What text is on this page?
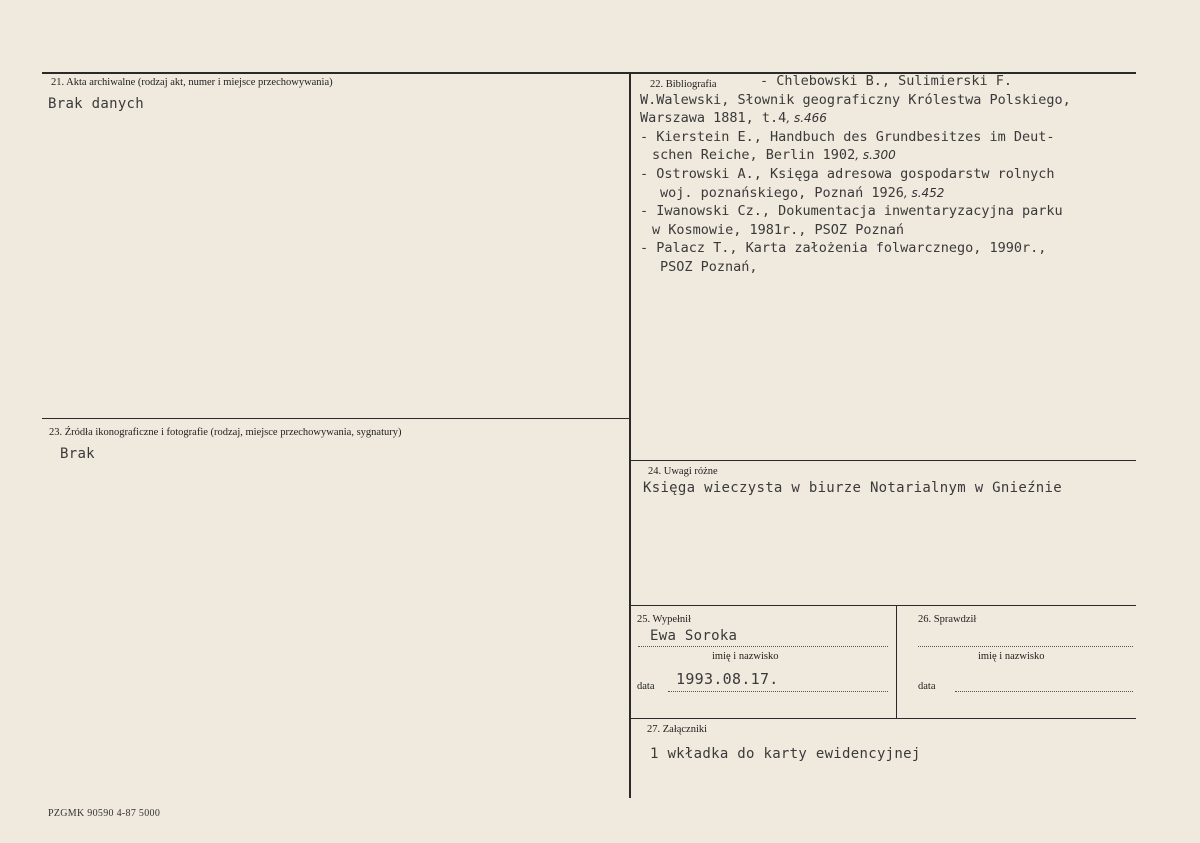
21. Akta archiwalne (rodzaj akt, numer i miejsce przechowywania)
Brak danych
22. Bibliografia	- Chlebowski B., Sulimierski F.
W.Walewski, Słownik geograficzny Królestwa Polskiego,
Warszawa 1881, t.4, s.466
- Kierstein E., Handbuch des Grundbesitzes im Deut-
schen Reiche, Berlin 1902, s.300
- Ostrowski A., Księga adresowa gospodarstw rolnych
woj. poznańskiego, Poznań 1926, s.452
- Iwanowski Cz., Dokumentacja inwentaryzacyjna parku
w Kosmowie, 1981r., PSOZ Poznań
- Palacz T., Karta założenia folwarcznego, 1990r.,
PSOZ Poznań,
23. Źródła ikonograficzne i fotografie (rodzaj, miejsce przechowywania, sygnatury)
Brak
24. Uwagi różne
Księga wieczysta w biurze Notarialnym w Gnieźnie
25. Wypełnił
Ewa Soroka
imię i nazwisko
data 1993.08.17.
26. Sprawdził
imię i nazwisko
data
27. Załączniki
1 wkładka do karty ewidencyjnej
PZGMK 90590 4-87 5000
